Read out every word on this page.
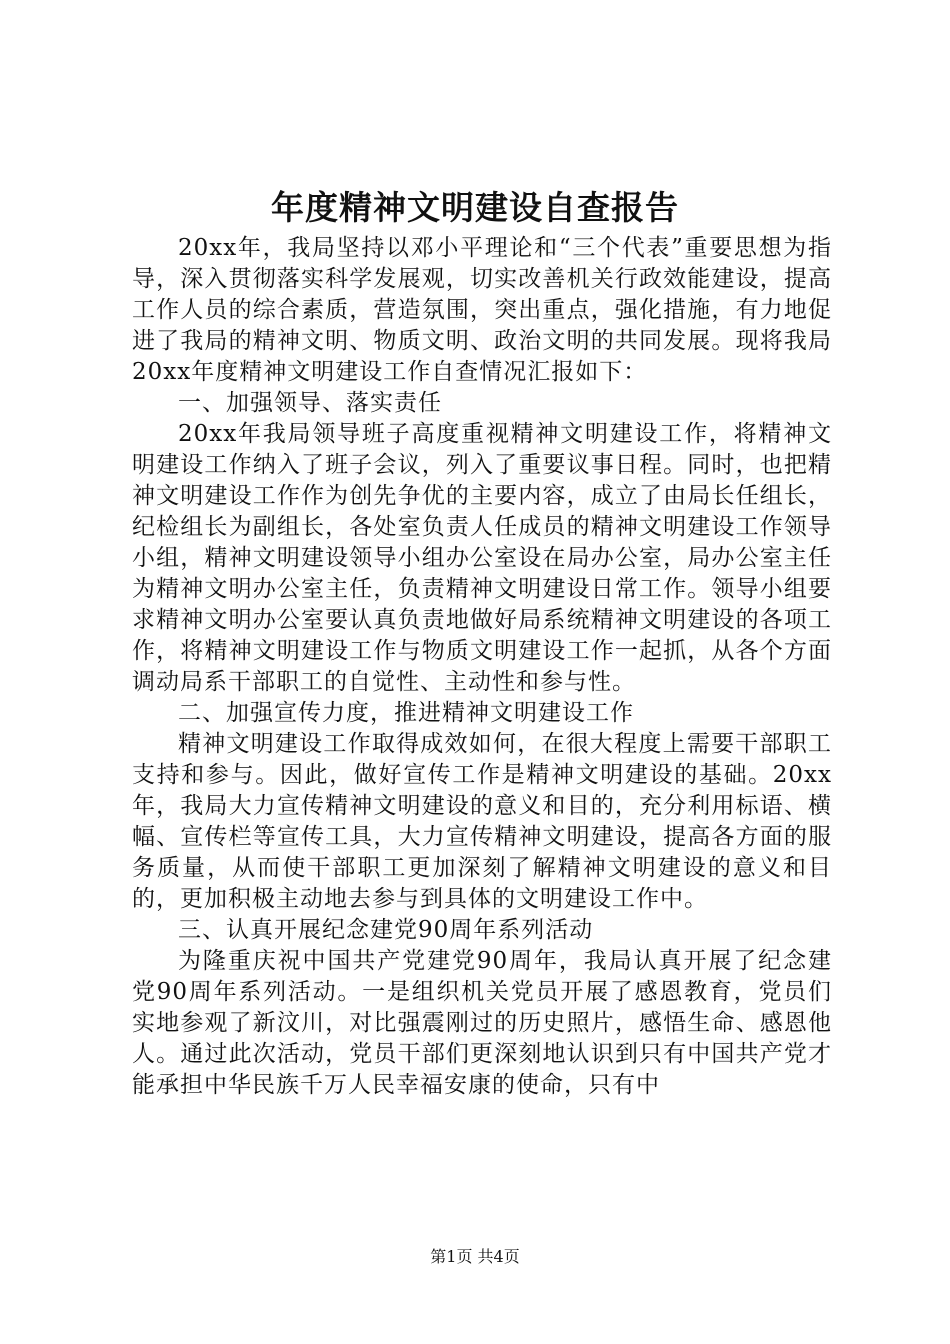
年度精神文明建设自查报告

20xx年，我局坚持以邓小平理论和“三个代表”重要思想为指导，深入贯彻落实科学发展观，切实改善机关行政效能建设，提高工作人员的综合素质，营造氛围，突出重点，强化措施，有力地促进了我局的精神文明、物质文明、政治文明的共同发展。现将我局20xx年度精神文明建设工作自查情况汇报如下：

一、加强领导、落实责任

20xx年我局领导班子高度重视精神文明建设工作，将精神文明建设工作纳入了班子会议，列入了重要议事日程。同时，也把精神文明建设工作作为创先争优的主要内容，成立了由局长任组长，纪检组长为副组长，各处室负责人任成员的精神文明建设工作领导小组，精神文明建设领导小组办公室设在局办公室，局办公室主任为精神文明办公室主任，负责精神文明建设日常工作。领导小组要求精神文明办公室要认真负责地做好局系统精神文明建设的各项工作，将精神文明建设工作与物质文明建设工作一起抓，从各个方面调动局系干部职工的自觉性、主动性和参与性。

二、加强宣传力度，推进精神文明建设工作

精神文明建设工作取得成效如何，在很大程度上需要干部职工支持和参与。因此，做好宣传工作是精神文明建设的基础。20xx年，我局大力宣传精神文明建设的意义和目的，充分利用标语、横幅、宣传栏等宣传工具，大力宣传精神文明建设，提高各方面的服务质量，从而使干部职工更加深刻了解精神文明建设的意义和目的，更加积极主动地去参与到具体的文明建设工作中。

三、认真开展纪念建党90周年系列活动

为隆重庆祝中国共产党建党90周年，我局认真开展了纪念建党90周年系列活动。一是组织机关党员开展了感恩教育，党员们实地参观了新汶川，对比强震刚过的历史照片，感悟生命、感恩他人。通过此次活动，党员干部们更深刻地认识到只有中国共产党才能承担中华民族千万人民幸福安康的使命，只有中

第1页 共4页
